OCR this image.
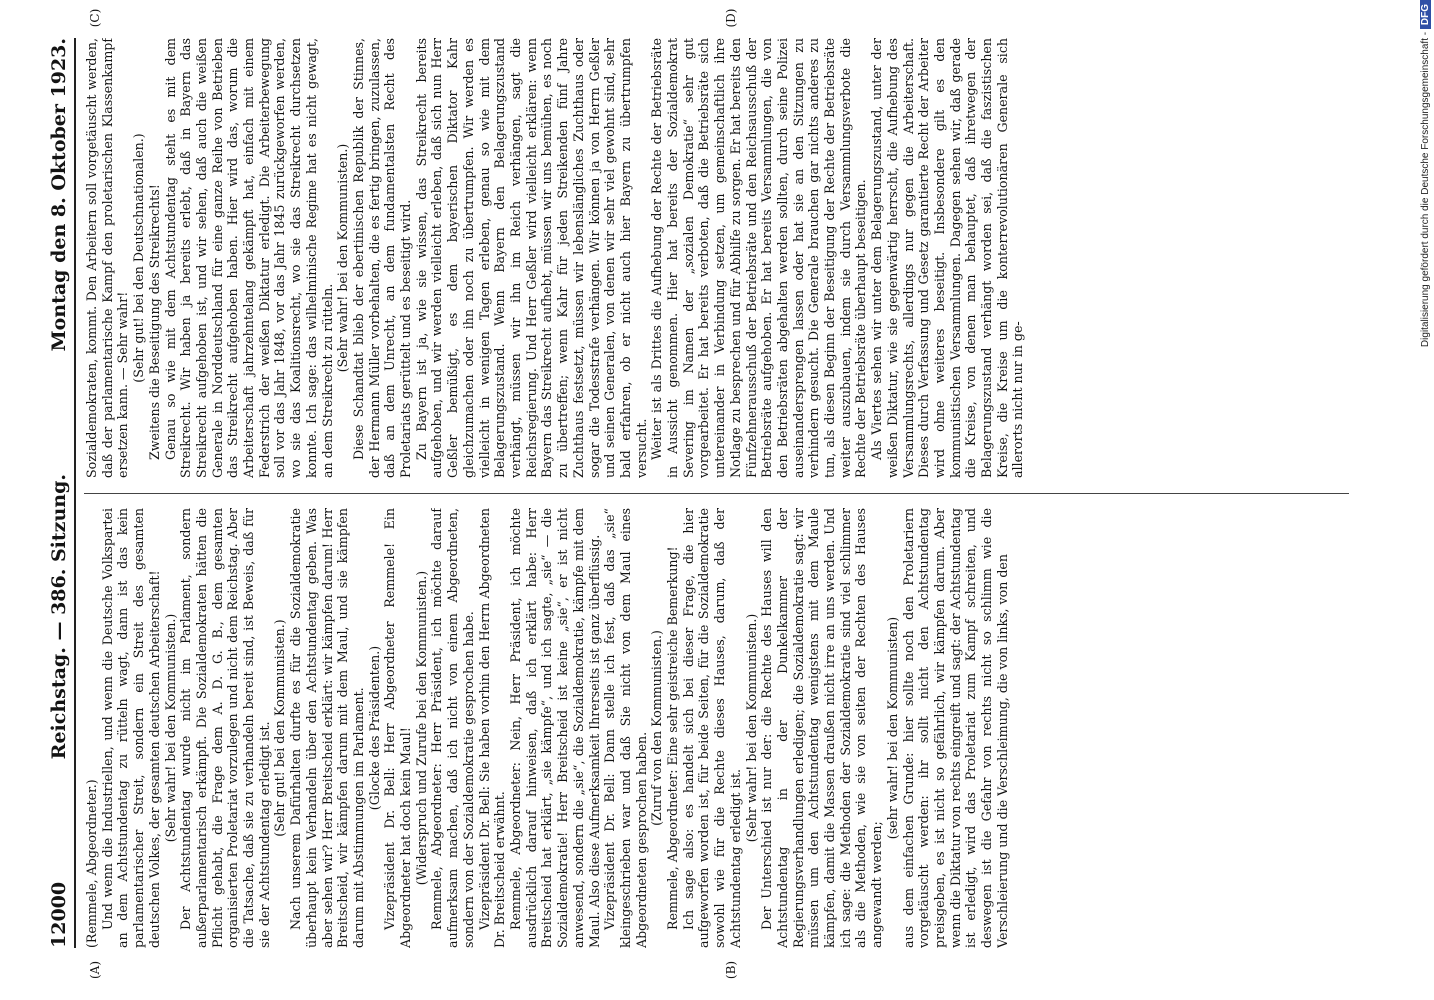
12000
Reichstag. — 386. Sitzung.
Montag den 8. Oktober 1923.

(Remmele, Abgeordneter.) Und wenn die Industriellen, und wenn die Deutsche Volkspartei an dem Achtstundentag zu rütteln wagt, dann ist das kein parlamentarischer Streit, sondern ein Streit des gesamten deutschen Volkes, der gesamten deutschen Arbeiterschaft! (Sehr wahr! bei den Kommunisten.) Der Achtstundentag wurde nicht im Parlament, sondern außerparlamentarisch erkämpft. Die Sozialdemokraten hätten die Pflicht gehabt, die Frage dem A. D. G. B., dem gesamten organisierten Proletariat vorzulegen und nicht dem Reichstag. Aber die Tatsache, daß sie zu verhandeln bereit sind, ist Beweis, daß für sie der Achtstundentag erledigt ist. (Sehr gut! bei den Kommunisten.) Nach unserem Dafürhalten durfte es für die Sozialdemokratie überhaupt kein Verhandeln über den Achtstundentag geben. Was aber sehen wir? Herr Breitscheid erklärt: wir kämpfen darum! Herr Breitscheid, wir kämpfen darum mit dem Maul, und sie kämpfen darum mit Abstimmungen im Parlament. (Glocke des Präsidenten.) Vizepräsident Dr. Bell: Herr Abgeordneter Remmele! Ein Abgeordneter hat doch kein Maul! (Widerspruch und Zurufe bei den Kommunisten.) Remmele, Abgeordneter: Herr Präsident, ich möchte darauf aufmerksam machen, daß ich nicht von einem Abgeordneten, sondern von der Sozialdemokratie gesprochen habe. Vizepräsident Dr. Bell: Sie haben vorhin den Herrn Abgeordneten Dr. Breitscheid erwähnt. Remmele, Abgeordneter: Nein, Herr Präsident, ich möchte ausdrücklich darauf hinweisen, daß ich erklärt habe: Herr Breitscheid hat erklärt, „sie kämpfe“, und ich sagte, „sie“ — die Sozialdemokratie! Herr Breitscheid ist keine „sie“, er ist nicht anwesend, sondern die „sie“, die Sozialdemokratie, kämpfe mit dem Maul. Also diese Aufmerksamkeit Ihrerseits ist ganz überflüssig. Vizepräsident Dr. Bell: Dann stelle ich fest, daß das „sie“ kleingeschrieben war und daß Sie nicht von dem Maul eines Abgeordneten gesprochen haben.

(Zuruf von den Kommunisten.) Remmele, Abgeordneter: Eine sehr geistreiche Bemerkung! Ich sage also: es handelt sich bei dieser Frage, die hier aufgeworfen worden ist, für beide Seiten, für die Sozialdemokratie sowohl wie für die Rechte dieses Hauses, darum, daß der Achtstundentag erledigt ist.

(Sehr wahr! bei den Kommunisten.) Der Unterschied ist nur der: die Rechte des Hauses will den Achtstundentag in der Dunkelkammer der Regierungsverhandlungen erledigen; die Sozialdemokratie sagt: wir müssen um den Achtstundentag wenigstens mit dem Maule kämpfen, damit die Massen draußen nicht irre an uns werden. Und ich sage: die Methoden der Sozialdemokratie sind viel schlimmer als die Methoden, wie sie von seiten der Rechten des Hauses angewandt werden;

(sehr wahr! bei den Kommunisten) aus dem einfachen Grunde: hier sollte noch den Proletariern vorgetäuscht werden: ihr sollt nicht den Achtstundentag preisgeben, es ist nicht so gefährlich, wir kämpfen darum. Aber wenn die Diktatur von rechts eingreift und sagt: der Achtstundentag ist erledigt, wird das Proletariat zum Kampf schreiten, und deswegen ist die Gefahr von rechts nicht so schlimm wie die Verschleierung und die Verschleimung, die von links, von den

Sozialdemokraten, kommt. Den Arbeitern soll vorgetäuscht werden, daß der parlamentarische Kampf den proletarischen Klassenkampf ersetzen kann. — Sehr wahr!

(Sehr gut! bei den Deutschnationalen.) Zweitens die Beseitigung des Streikrechts! Genau so wie mit dem Achtstundentag steht es mit dem Streikrecht. Wir haben ja bereits erlebt, daß in Bayern das Streikrecht aufgehoben ist, und wir sehen, daß auch die weißen Generale in Norddeutschland für eine ganze Reihe von Betrieben das Streikrecht aufgehoben haben. Hier wird das, worum die Arbeiterschaft jahrzehntelang gekämpft hat, einfach mit einem Federstrich der weißen Diktatur erledigt. Die Arbeiterbewegung soll vor das Jahr 1848, vor das Jahr 1845 zurückgeworfen werden, wo sie das Koalitionsrecht, wo sie das Streikrecht durchsetzen konnte. Ich sage: das wilhelminische Regime hat es nicht gewagt, an dem Streikrecht zu rütteln.

(Sehr wahr! bei den Kommunisten.) Diese Schandtat blieb der ebertinischen Republik der Stinnes, der Hermann Müller vorbehalten, die es fertig bringen, zuzulassen, daß an dem Unrecht, an dem fundamentalsten Recht des Proletariats gerüttelt und es beseitigt wird. Zu Bayern ist ja, wie sie wissen, das Streikrecht bereits aufgehoben, und wir werden vielleicht erleben, daß sich nun Herr Geßler bemüßigt, es dem bayerischen Diktator Kahr gleichzumachen oder ihn noch zu übertrumpfen. Wir werden es vielleicht in wenigen Tagen erleben, genau so wie mit dem Belagerungszustand. Wenn Bayern den Belagerungszustand verhängt, müssen wir ihn im Reich verhängen, sagt die Reichsregierung. Und Herr Geßler wird vielleicht erklären: wenn Bayern das Streikrecht aufhebt, müssen wir uns bemühen, es noch zu übertreffen; wenn Kahr für jeden Streikenden fünf Jahre Zuchthaus festsetzt, müssen wir lebenslängliches Zuchthaus oder sogar die Todesstrafe verhängen. Wir können ja von Herrn Geßler und seinen Generalen, von denen wir sehr viel gewohnt sind, sehr bald erfahren, ob er nicht auch hier Bayern zu übertrumpfen versucht. Weiter ist als Drittes die Aufhebung der Rechte der Betriebsräte in Aussicht genommen. Hier hat bereits der Sozialdemokrat Severing im Namen der „sozialen Demokratie“ sehr gut vorgearbeitet. Er hat bereits verboten, daß die Betriebsräte sich untereinander in Verbindung setzen, um gemeinschaftlich ihre Notlage zu besprechen und für Abhilfe zu sorgen. Er hat bereits den Fünfzehnerausschuß der Betriebsräte und den Reichsausschuß der Betriebsräte aufgehoben. Er hat bereits Versammlungen, die von den Betriebsräten abgehalten werden sollten, durch seine Polizei auseinandersprengen lassen oder hat sie an den Sitzungen zu verhindern gesucht. Die Generale brauchen gar nichts anderes zu tun, als diesen Beginn der Beseitigung der Rechte der Betriebsräte weiter auszubauen, indem sie durch Versammlungsverbote die Rechte der Betriebsräte überhaupt beseitigen. Als Viertes sehen wir unter dem Belagerungszustand, unter der weißen Diktatur, wie sie gegenwärtig herrscht, die Aufhebung des Versammlungsrechts, allerdings nur gegen die Arbeiterschaft. Dieses durch Verfassung und Gesetz garantierte Recht der Arbeiter wird ohne weiteres beseitigt. Insbesondere gilt es den kommunistischen Versammlungen. Dagegen sehen wir, daß gerade die Kreise, von denen man behauptet, daß ihretwegen der Belagerungszustand verhängt worden sei, daß die faszistischen Kreise, die Kreise um die konterrevolutionären Generale sich allerorts nicht nur in ge-

(A)	(B)
(C)	(D)
Digitalisierung gefördert durch die Deutsche Forschungsgemeinschaft - DFG
